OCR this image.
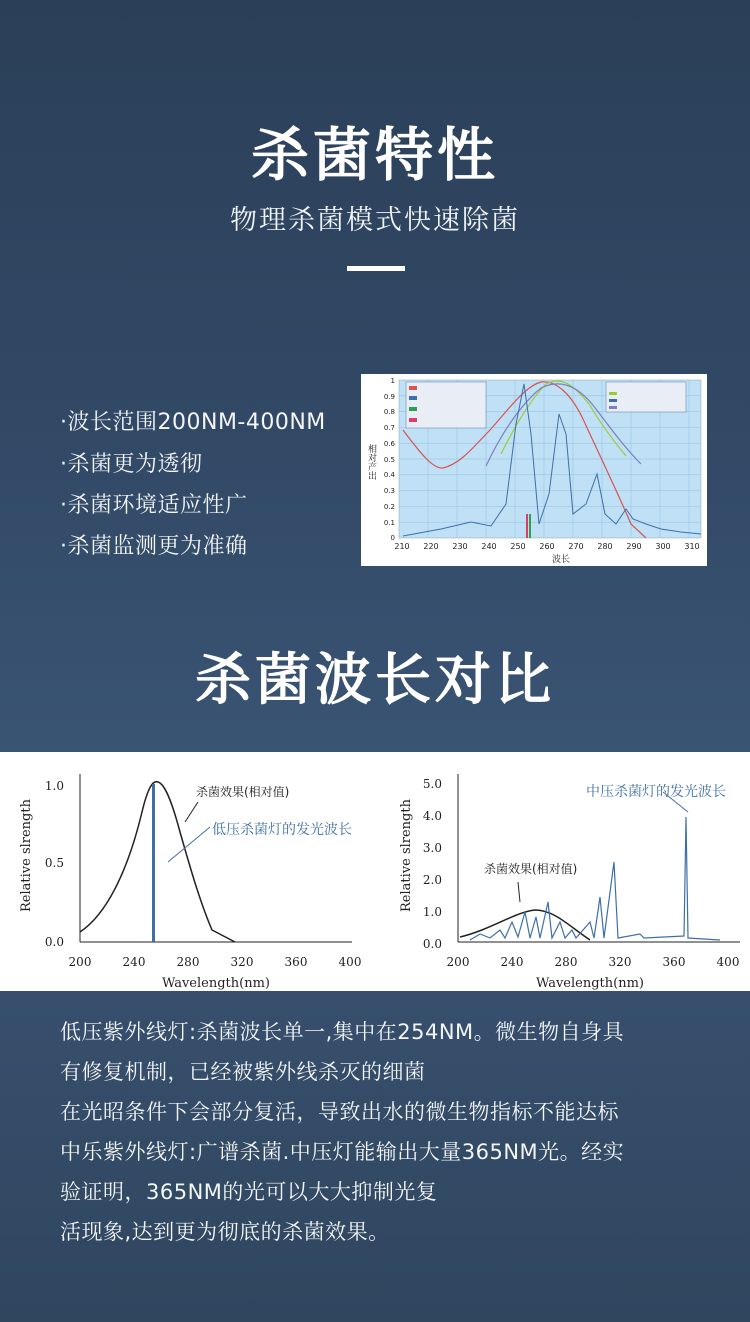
杀菌特性
物理杀菌模式快速除菌
·波长范围200NM-400NM
·杀菌更为透彻
·杀菌环境适应性广
·杀菌监测更为准确
1
0.9
0.8
0.7
0.6
0.5
0.4
0.3
0.2
0.1
0
210 220 230 240 250 260 270 280 290 300 310
波长
相对产出
杀菌波长对比
1.0
0.5
0.0
200	240	280	320	360	400
Wavelength(nm)
Relative slrength
杀菌效果(相对值)
低压杀菌灯的发光波长
5.0
4.0
3.0
2.0
1.0
0.0
200	240	280	320	360	400
Wavelength(nm)
Relative slrength	杀菌效果(相对值)
中压杀菌灯的发光波长
低压紫外线灯:杀菌波长单一,集中在254NM。微生物自身具
有修复机制，已经被紫外线杀灭的细菌
在光昭条件下会部分复活，导致出水的微生物指标不能达标
中乐紫外线灯:广谱杀菌.中压灯能输出大量365NM光。经实
验证明，365NM的光可以大大抑制光复
活现象,达到更为彻底的杀菌效果。
